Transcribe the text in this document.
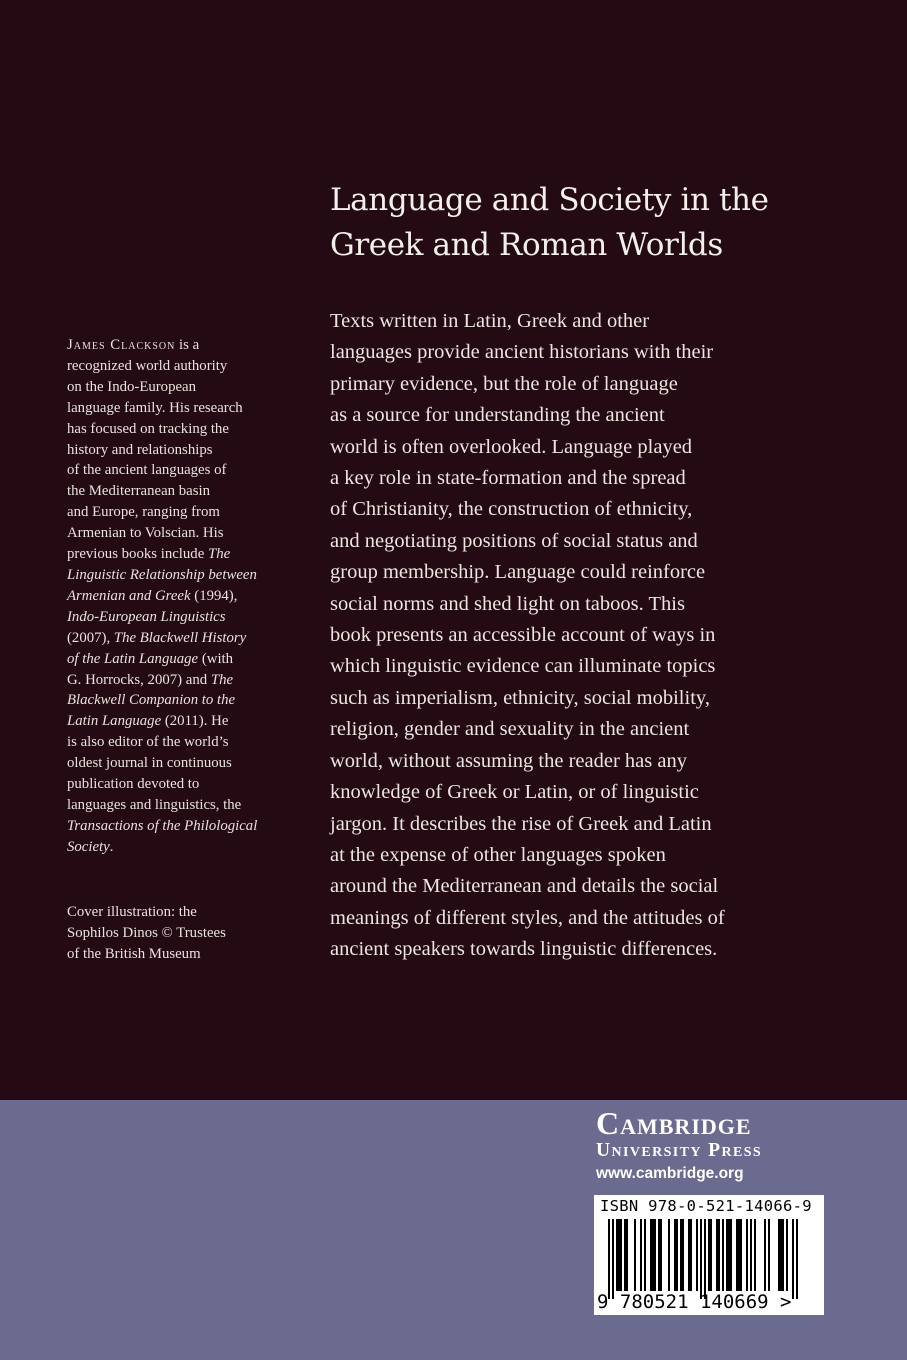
Language and Society in the
Greek and Roman Worlds
Texts written in Latin, Greek and other
languages provide ancient historians with their
primary evidence, but the role of language
as a source for understanding the ancient
world is often overlooked. Language played
a key role in state-formation and the spread
of Christianity, the construction of ethnicity,
and negotiating positions of social status and
group membership. Language could reinforce
social norms and shed light on taboos. This
book presents an accessible account of ways in
which linguistic evidence can illuminate topics
such as imperialism, ethnicity, social mobility,
religion, gender and sexuality in the ancient
world, without assuming the reader has any
knowledge of Greek or Latin, or of linguistic
jargon. It describes the rise of Greek and Latin
at the expense of other languages spoken
around the Mediterranean and details the social
meanings of different styles, and the attitudes of
ancient speakers towards linguistic differences.
James Clackson is a
recognized world authority
on the Indo-European
language family. His research
has focused on tracking the
history and relationships
of the ancient languages of
the Mediterranean basin
and Europe, ranging from
Armenian to Volscian. His
previous books include The
Linguistic Relationship between
Armenian and Greek (1994),
Indo-European Linguistics
(2007), The Blackwell History
of the Latin Language (with
G. Horrocks, 2007) and The
Blackwell Companion to the
Latin Language (2011). He
is also editor of the world’s
oldest journal in continuous
publication devoted to
languages and linguistics, the
Transactions of the Philological
Society.
Cover illustration: the
Sophilos Dinos © Trustees
of the British Museum
Cambridge
University Press
www.cambridge.org
ISBN 978-0-521-14066-9
9 780521 140669 >
